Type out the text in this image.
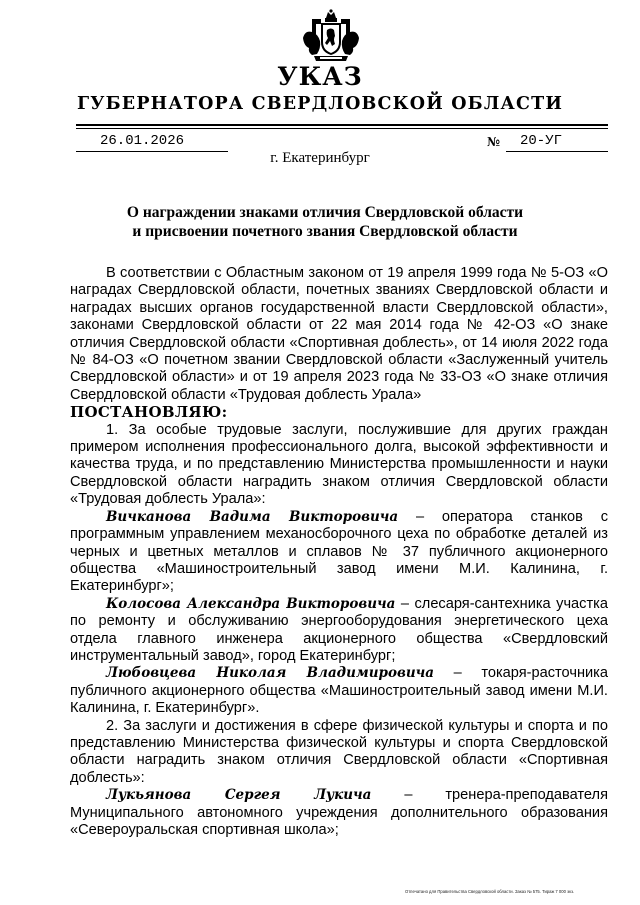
УКАЗ
ГУБЕРНАТОРА СВЕРДЛОВСКОЙ ОБЛАСТИ
26.01.2026	№ 20-УГ
г. Екатеринбург
О награждении знаками отличия Свердловской области
и присвоении почетного звания Свердловской области

В соответствии с Областным законом от 19 апреля 1999 года № 5-ОЗ «О наградах Свердловской области, почетных званиях Свердловской области и наградах высших органов государственной власти Свердловской области», законами Свердловской области от 22 мая 2014 года № 42-ОЗ «О знаке отличия Свердловской области «Спортивная доблесть», от 14 июля 2022 года № 84-ОЗ «О почетном звании Свердловской области «Заслуженный учитель Свердловской области» и от 19 апреля 2023 года № 33-ОЗ «О знаке отличия Свердловской области «Трудовая доблесть Урала»

ПОСТАНОВЛЯЮ:

1. За особые трудовые заслуги, послужившие для других граждан примером исполнения профессионального долга, высокой эффективности и качества труда, и по представлению Министерства промышленности и науки Свердловской области наградить знаком отличия Свердловской области «Трудовая доблесть Урала»:

Вичканова Вадима Викторовича – оператора станков с программным управлением механосборочного цеха по обработке деталей из черных и цветных металлов и сплавов № 37 публичного акционерного общества «Машиностроительный завод имени М.И. Калинина, г. Екатеринбург»;

Колосова Александра Викторовича – слесаря-сантехника участка по ремонту и обслуживанию энергооборудования энергетического цеха отдела главного инженера акционерного общества «Свердловский инструментальный завод», город Екатеринбург;

Любовцева Николая Владимировича – токаря-расточника публичного акционерного общества «Машиностроительный завод имени М.И. Калинина, г. Екатеринбург».

2. За заслуги и достижения в сфере физической культуры и спорта и по представлению Министерства физической культуры и спорта Свердловской области наградить знаком отличия Свердловской области «Спортивная доблесть»:

Лукьянова Сергея Лукича – тренера-преподавателя Муниципального автономного учреждения дополнительного образования «Североуральская спортивная школа»;

Отпечатано для Правительства Свердловской области. Заказ № 575. Тираж 7 000 экз.
